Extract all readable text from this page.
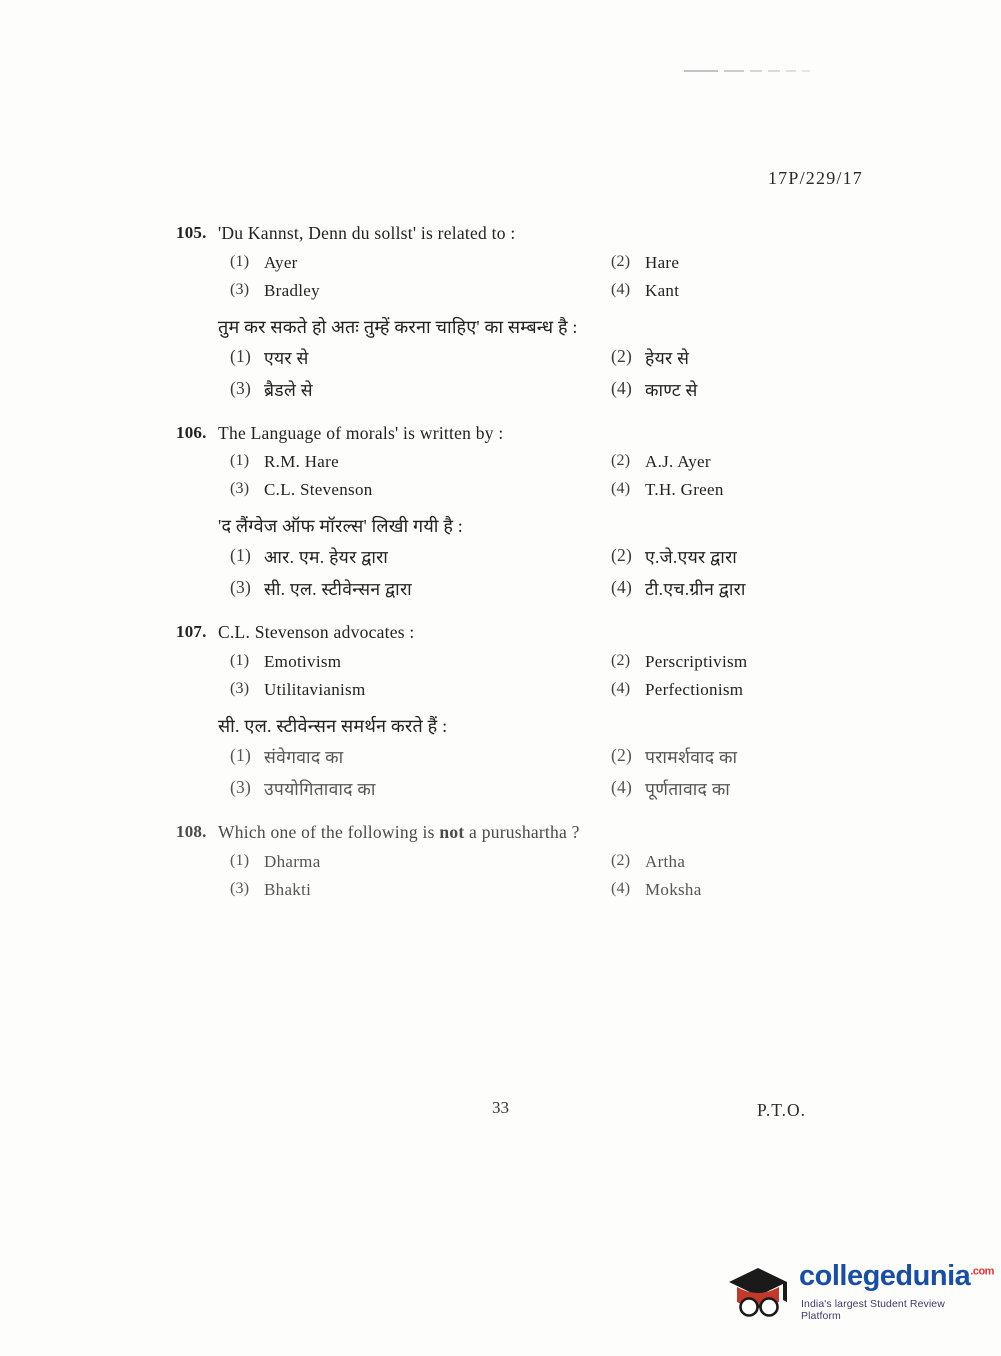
17P/229/17
105. 'Du Kannst, Denn du sollst' is related to :
(1) Ayer	(2) Hare
(3) Bradley	(4) Kant
तुम कर सकते हो अतः तुम्हें करना चाहिए' का सम्बन्ध है :
(1) एयर से	(2) हेयर से
(3) ब्रैडले से	(4) काण्ट से
106. The Language of morals' is written by :
(1) R.M. Hare	(2) A.J. Ayer
(3) C.L. Stevenson	(4) T.H. Green
'द लैंग्वेज ऑफ मॉरल्स' लिखी गयी है :
(1) आर. एम. हेयर द्वारा	(2) ए.जे.एयर द्वारा
(3) सी. एल. स्टीवेन्सन द्वारा	(4) टी.एच.ग्रीन द्वारा
107. C.L. Stevenson advocates :
(1) Emotivism	(2) Perscriptivism
(3) Utilitavianism	(4) Perfectionism
सी. एल. स्टीवेन्सन समर्थन करते हैं :
(1) संवेगवाद का	(2) परामर्शवाद का
(3) उपयोगितावाद का	(4) पूर्णतावाद का
108. Which one of the following is not a purushartha ?
(1) Dharma	(2) Artha
(3) Bhakti	(4) Moksha
33	P.T.O.
collegedunia$^{.com}$
India's largest Student Review Platform
